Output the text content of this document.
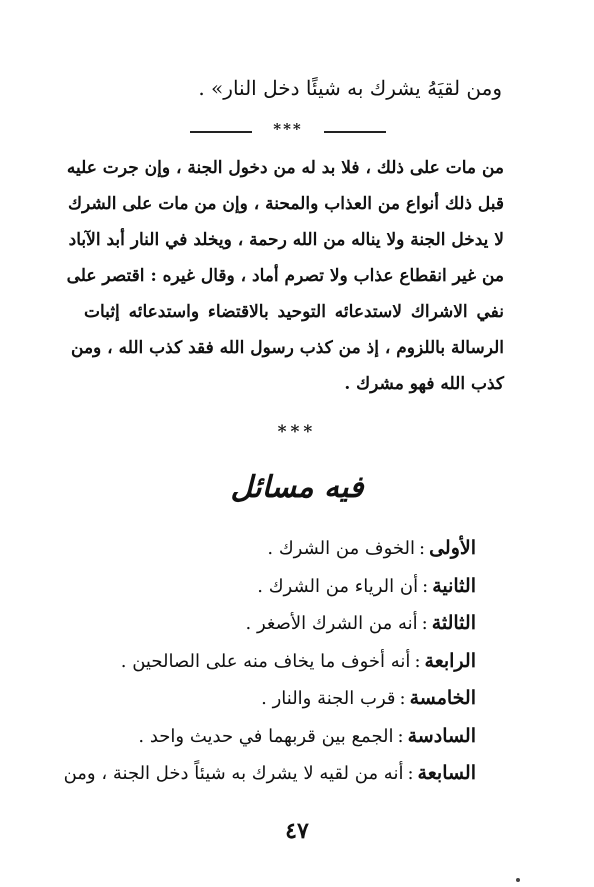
ومن لقيَهُ يشرك به شيئًا دخل النار» .
***
من مات على ذلك ، فلا بد له من دخول الجنة ، وإن جرت عليه
قبل ذلك أنواع من العذاب والمحنة ، وإن من مات على الشرك
لا يدخل الجنة ولا يناله من الله رحمة ، ويخلد في النار أبد الآباد
من غير انقطاع عذاب ولا تصرم أماد ، وقال غيره : اقتصر على
نفي الاشراك لاستدعائه التوحيد بالاقتضاء واستدعائه إثبات
الرسالة باللزوم ، إذ من كذب رسول الله فقد كذب الله ، ومن
كذب الله فهو مشرك .
***
فيه مسائل
الأولى:الخوف من الشرك .
الثانية:أن الرياء من الشرك .
الثالثة:أنه من الشرك الأصغر .
الرابعة:أنه أخوف ما يخاف منه على الصالحين .
الخامسة:قرب الجنة والنار .
السادسة:الجمع بين قربهما في حديث واحد .
السابعة:أنه من لقيه لا يشرك به شيئاً دخل الجنة ، ومن
٤٧
